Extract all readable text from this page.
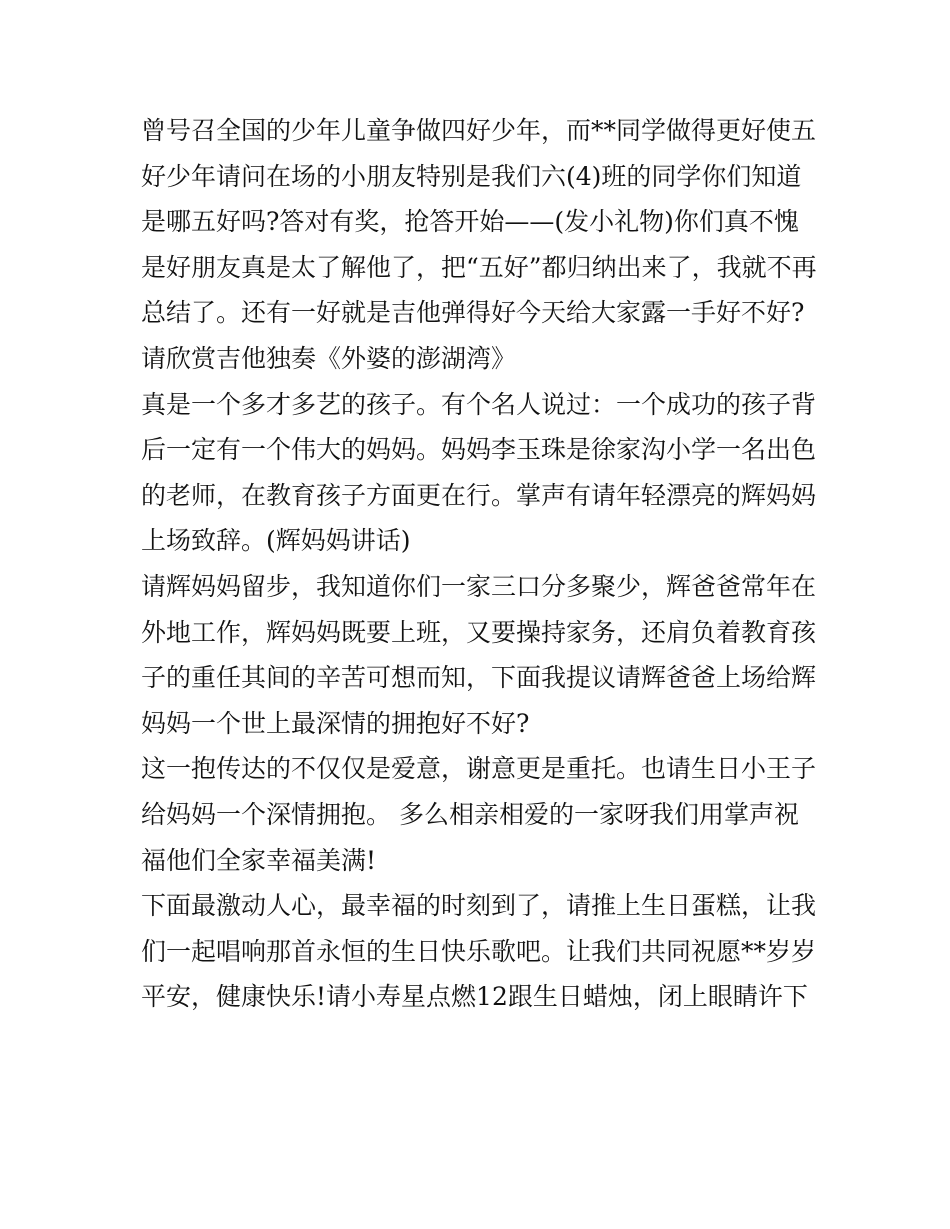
曾号召全国的少年儿童争做四好少年，而**同学做得更好使五
好少年请问在场的小朋友特别是我们六(4)班的同学你们知道
是哪五好吗?答对有奖，抢答开始——(发小礼物)你们真不愧
是好朋友真是太了解他了，把“五好”都归纳出来了，我就不再
总结了。还有一好就是吉他弹得好今天给大家露一手好不好?
请欣赏吉他独奏《外婆的澎湖湾》
真是一个多才多艺的孩子。有个名人说过：一个成功的孩子背
后一定有一个伟大的妈妈。妈妈李玉珠是徐家沟小学一名出色
的老师，在教育孩子方面更在行。掌声有请年轻漂亮的辉妈妈
上场致辞。(辉妈妈讲话)
请辉妈妈留步，我知道你们一家三口分多聚少，辉爸爸常年在
外地工作，辉妈妈既要上班，又要操持家务，还肩负着教育孩
子的重任其间的辛苦可想而知，下面我提议请辉爸爸上场给辉
妈妈一个世上最深情的拥抱好不好?
这一抱传达的不仅仅是爱意，谢意更是重托。也请生日小王子
给妈妈一个深情拥抱。 多么相亲相爱的一家呀我们用掌声祝
福他们全家幸福美满!
下面最激动人心，最幸福的时刻到了，请推上生日蛋糕，让我
们一起唱响那首永恒的生日快乐歌吧。让我们共同祝愿**岁岁
平安，健康快乐!请小寿星点燃12跟生日蜡烛，闭上眼睛许下
